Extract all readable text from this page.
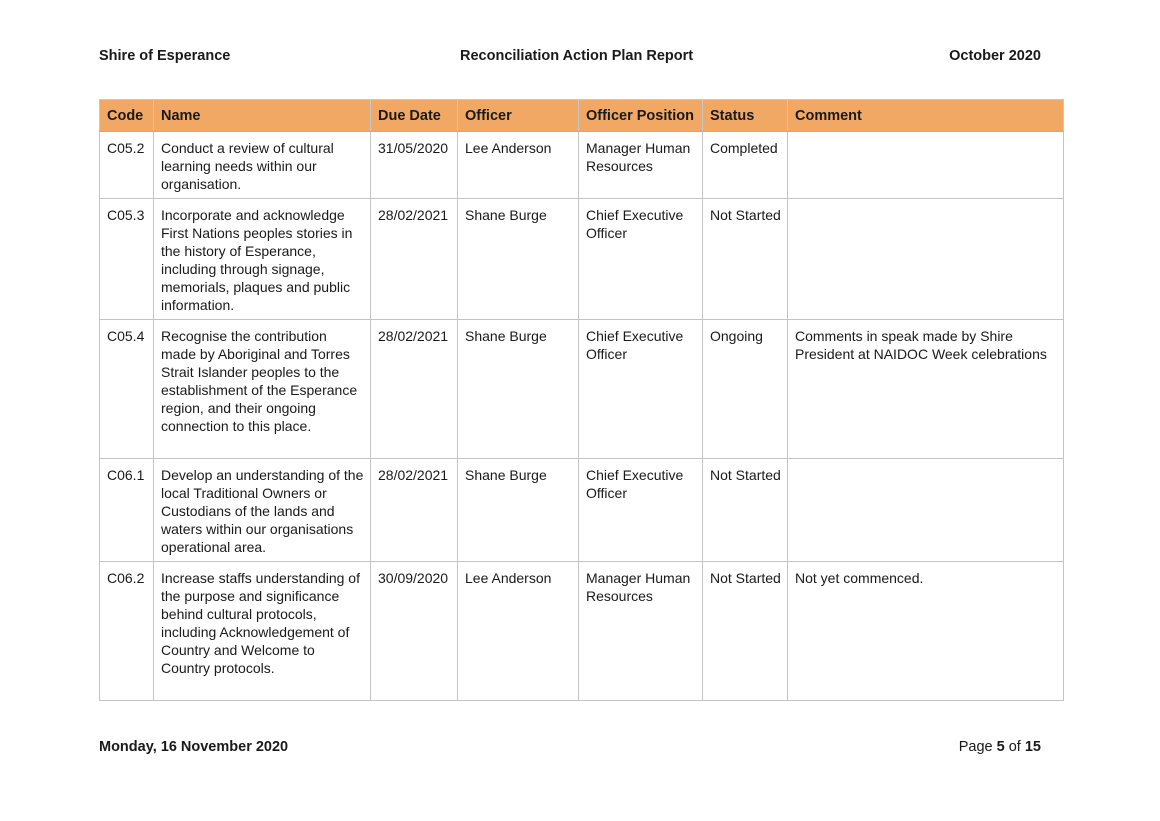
Shire of Esperance	Reconciliation Action Plan Report	October 2020
Code	Name	Due Date	Officer	Officer Position	Status	Comment
C05.2	Conduct a review of cultural learning needs within our organisation.	31/05/2020	Lee Anderson	Manager Human Resources	Completed	
C05.3	Incorporate and acknowledge First Nations peoples stories in the history of Esperance, including through signage, memorials, plaques and public information.	28/02/2021	Shane Burge	Chief Executive Officer	Not Started	
C05.4	Recognise the contribution made by Aboriginal and Torres Strait Islander peoples to the establishment of the Esperance region, and their ongoing connection to this place.	28/02/2021	Shane Burge	Chief Executive Officer	Ongoing	Comments in speak made by Shire President at NAIDOC Week celebrations
C06.1	Develop an understanding of the local Traditional Owners or Custodians of the lands and waters within our organisations operational area.	28/02/2021	Shane Burge	Chief Executive Officer	Not Started	
C06.2	Increase staffs understanding of the purpose and significance behind cultural protocols, including Acknowledgement of Country and Welcome to Country protocols.	30/09/2020	Lee Anderson	Manager Human Resources	Not Started	Not yet commenced.
Monday, 16 November 2020	Page 5 of 15
